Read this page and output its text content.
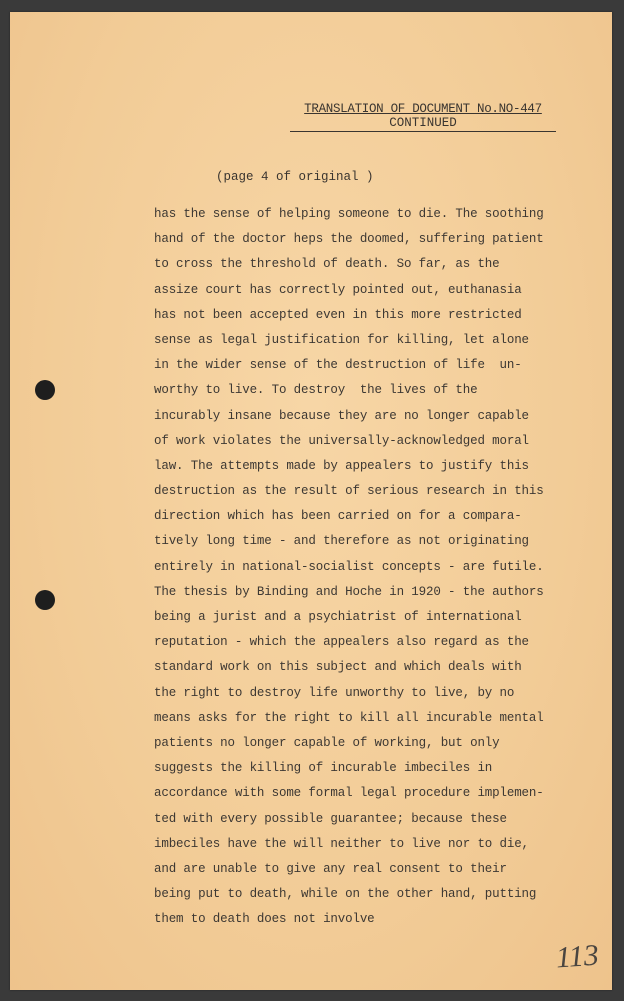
TRANSLATION OF DOCUMENT No.NO-447
CONTINUED
(page 4 of original )
has the sense of helping someone to die. The soothing
hand of the doctor heps the doomed, suffering patient
to cross the threshold of death. So far, as the
assize court has correctly pointed out, euthanasia
has not been accepted even in this more restricted
sense as legal justification for killing, let alone
in the wider sense of the destruction of life  un-
worthy to live. To destroy  the lives of the
incurably insane because they are no longer capable
of work violates the universally-acknowledged moral
law. The attempts made by appealers to justify this
destruction as the result of serious research in this
direction which has been carried on for a compara-
tively long time - and therefore as not originating
entirely in national-socialist concepts - are futile.
The thesis by Binding and Hoche in 1920 - the authors
being a jurist and a psychiatrist of international
reputation - which the appealers also regard as the
standard work on this subject and which deals with
the right to destroy life unworthy to live, by no
means asks for the right to kill all incurable mental
patients no longer capable of working, but only
suggests the killing of incurable imbeciles in
accordance with some formal legal procedure implemen-
ted with every possible guarantee; because these
imbeciles have the will neither to live nor to die,
and are unable to give any real consent to their
being put to death, while on the other hand, putting
them to death does not involve
113
